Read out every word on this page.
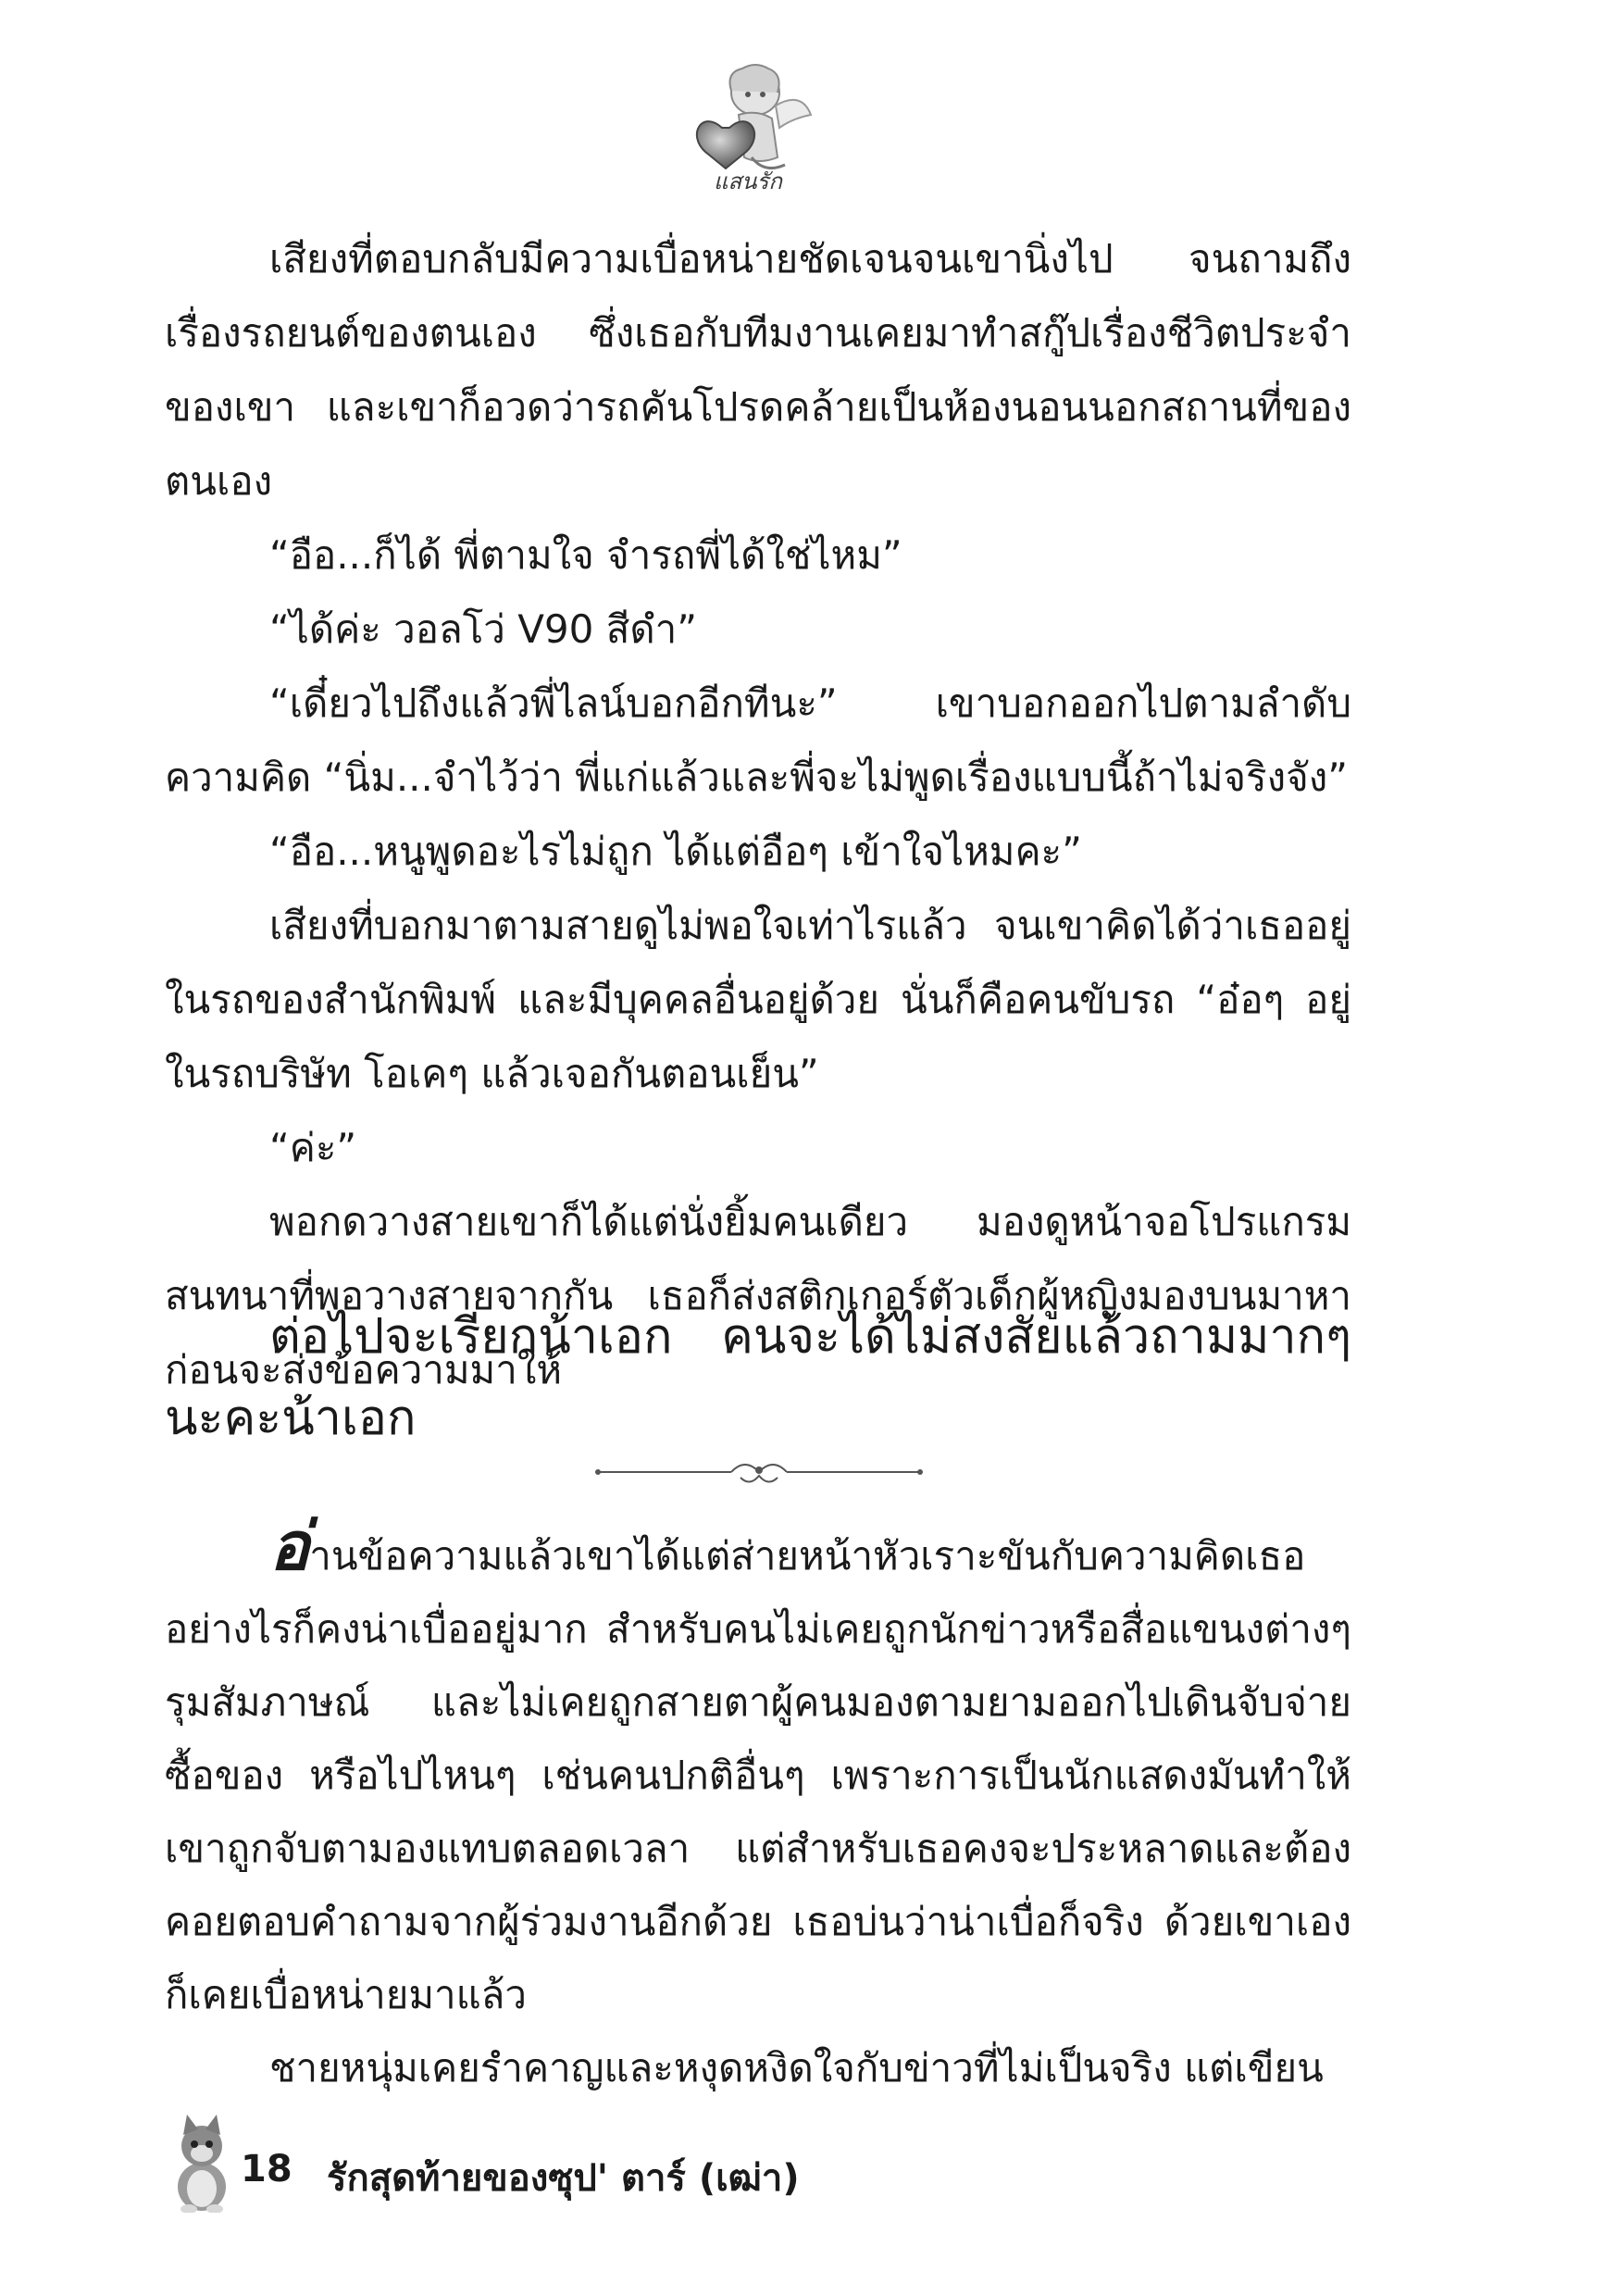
แสนรัก

เสียงที่ตอบกลับมีความเบื่อหน่ายชัดเจนจนเขานิ่งไป จนถามถึงเรื่องรถยนต์ของตนเอง ซึ่งเธอกับทีมงานเคยมาทำสกู๊ปเรื่องชีวิตประจำของเขา และเขาก็อวดว่ารถคันโปรดคล้ายเป็นห้องนอนนอกสถานที่ของตนเอง

“อือ...ก็ได้ พี่ตามใจ จำรถพี่ได้ใช่ไหม”

“ได้ค่ะ วอลโว่ V90 สีดำ”

“เดี๋ยวไปถึงแล้วพี่ไลน์บอกอีกทีนะ” เขาบอกออกไปตามลำดับความคิด “นิ่ม...จำไว้ว่า พี่แก่แล้วและพี่จะไม่พูดเรื่องแบบนี้ถ้าไม่จริงจัง”

“อือ...หนูพูดอะไรไม่ถูก ได้แต่อือๆ เข้าใจไหมคะ”

เสียงที่บอกมาตามสายดูไม่พอใจเท่าไรแล้ว จนเขาคิดได้ว่าเธออยู่ในรถของสำนักพิมพ์ และมีบุคคลอื่นอยู่ด้วย นั่นก็คือคนขับรถ “อ๋อๆ อยู่ในรถบริษัท โอเคๆ แล้วเจอกันตอนเย็น”

“ค่ะ”

พอกดวางสายเขาก็ได้แต่นั่งยิ้มคนเดียว มองดูหน้าจอโปรแกรมสนทนาที่พอวางสายจากกัน เธอก็ส่งสติกเกอร์ตัวเด็กผู้หญิงมองบนมาหาก่อนจะส่งข้อความมาให้

ต่อไปจะเรียกน้าเอก คนจะได้ไม่สงสัยแล้วถามมากๆ นะคะน้าเอก

อ่านข้อความแล้วเขาได้แต่ส่ายหน้าหัวเราะขันกับความคิดเธออย่างไรก็คงน่าเบื่ออยู่มาก สำหรับคนไม่เคยถูกนักข่าวหรือสื่อแขนงต่างๆ รุมสัมภาษณ์ และไม่เคยถูกสายตาผู้คนมองตามยามออกไปเดินจับจ่ายซื้อของ หรือไปไหนๆ เช่นคนปกติอื่นๆ เพราะการเป็นนักแสดงมันทำให้เขาถูกจับตามองแทบตลอดเวลา แต่สำหรับเธอคงจะประหลาดและต้องคอยตอบคำถามจากผู้ร่วมงานอีกด้วย เธอบ่นว่าน่าเบื่อก็จริง ด้วยเขาเองก็เคยเบื่อหน่ายมาแล้ว

ชายหนุ่มเคยรำคาญและหงุดหงิดใจกับข่าวที่ไม่เป็นจริง แต่เขียน

18 รักสุดท้ายของซุป' ตาร์ (เฒ่า)
